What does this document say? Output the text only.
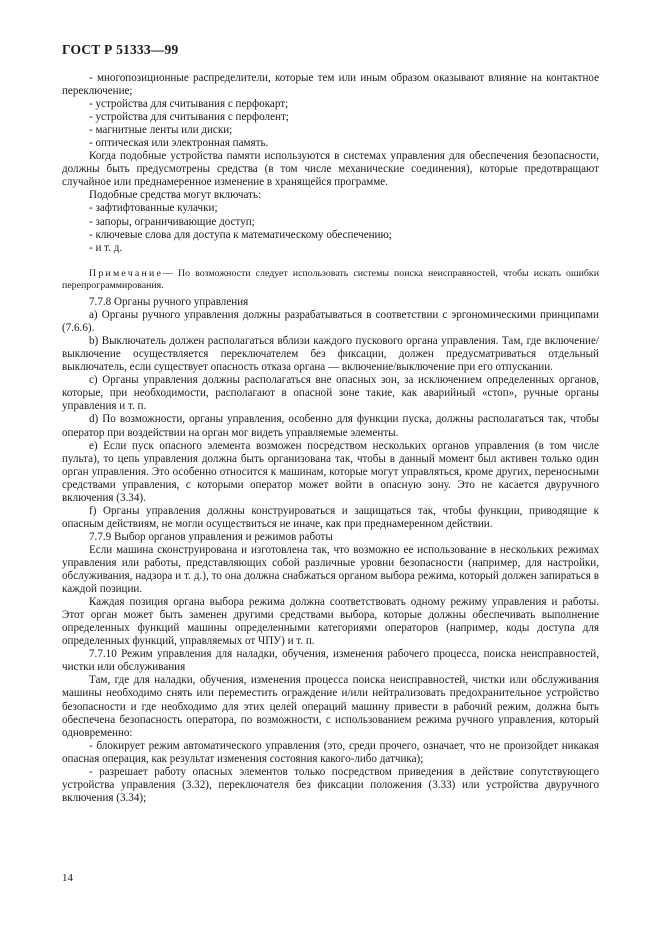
ГОСТ Р 51333—99

- многопозиционные распределители, которые тем или иным образом оказывают влияние на контактное переключение;

- устройства для считывания с перфокарт;

- устройства для считывания с перфолент;

- магнитные ленты или диски;

- оптическая или электронная память.

Когда подобные устройства памяти используются в системах управления для обеспечения безопасности, должны быть предусмотрены средства (в том числе механические соединения), которые предотвращают случайное или преднамеренное изменение в хранящейся программе.

Подобные средства могут включать:

- зафтифтованные кулачки;

- запоры, ограничивающие доступ;

- ключевые слова для доступа к математическому обеспечению;

- и т. д.

Примечание— По возможности следует использовать системы поиска неисправностей, чтобы искать ошибки перепрограммирования.

7.7.8 Органы ручного управления

а) Органы ручного управления должны разрабатываться в соответствии с эргономическими принципами (7.6.6).

b) Выключатель должен располагаться вблизи каждого пускового органа управления. Там, где включение/выключение осуществляется переключателем без фиксации, должен предусматриваться отдельный выключатель, если существует опасность отказа органа — включение/выключение при его отпускании.

с) Органы управления должны располагаться вне опасных зон, за исключением определенных органов, которые, при необходимости, располагают в опасной зоне такие, как аварийный «стоп», ручные органы управления и т. п.

d) По возможности, органы управления, особенно для функции пуска, должны располагаться так, чтобы оператор при воздействии на орган мог видеть управляемые элементы.

е) Если пуск опасного элемента возможен посредством нескольких органов управления (в том числе пульта), то цепь управления должна быть организована так, чтобы в данный момент был активен только один орган управления. Это особенно относится к машинам, которые могут управляться, кроме других, переносными средствами управления, с которыми оператор может войти в опасную зону. Это не касается двуручного включения (3.34).

f) Органы управления должны конструироваться и защищаться так, чтобы функции, приводящие к опасным действиям, не могли осуществиться не иначе, как при преднамеренном действии.

7.7.9 Выбор органов управления и режимов работы

Если машина сконструирована и изготовлена так, что возможно ее использование в нескольких режимах управления или работы, представляющих собой различные уровни безопасности (например, для настройки, обслуживания, надзора и т. д.), то она должна снабжаться органом выбора режима, который должен запираться в каждой позиции.

Каждая позиция органа выбора режима должна соответствовать одному режиму управления и работы. Этот орган может быть заменен другими средствами выбора, которые должны обеспечивать выполнение определенных функций машины определенными категориями операторов (например, коды доступа для определенных функций, управляемых от ЧПУ) и т. п.

7.7.10 Режим управления для наладки, обучения, изменения рабочего процесса, поиска неисправностей, чистки или обслуживания

Там, где для наладки, обучения, изменения процесса поиска неисправностей, чистки или обслуживания машины необходимо снять или переместить ограждение и/или нейтрализовать предохранительное устройство безопасности и где необходимо для этих целей операций машину привести в рабочий режим, должна быть обеспечена безопасность оператора, по возможности, с использованием режима ручного управления, который одновременно:

- блокирует режим автоматического управления (это, среди прочего, означает, что не произойдет никакая опасная операция, как результат изменения состояния какого-либо датчика);

- разрешает работу опасных элементов только посредством приведения в действие сопутствующего устройства управления (3.32), переключателя без фиксации положения (3.33) или устройства двуручного включения (3.34);

14
